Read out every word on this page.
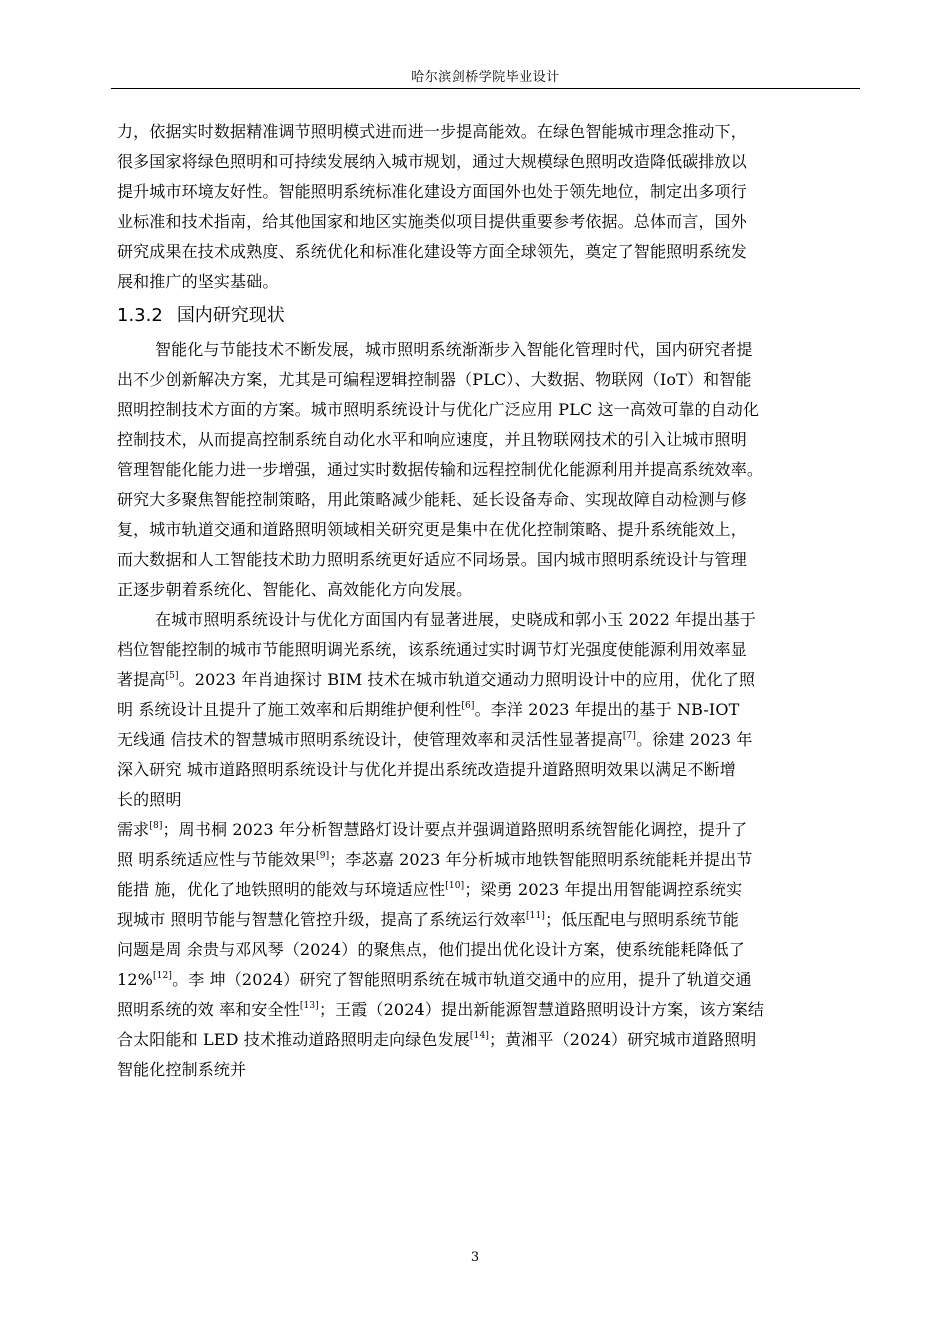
哈尔滨剑桥学院毕业设计
力，依据实时数据精准调节照明模式进而进一步提高能效。在绿色智能城市理念推动下，
很多国家将绿色照明和可持续发展纳入城市规划，通过大规模绿色照明改造降低碳排放以
提升城市环境友好性。智能照明系统标准化建设方面国外也处于领先地位，制定出多项行
业标准和技术指南，给其他国家和地区实施类似项目提供重要参考依据。总体而言，国外
研究成果在技术成熟度、系统优化和标准化建设等方面全球领先，奠定了智能照明系统发
展和推广的坚实基础。
1.3.2 国内研究现状
智能化与节能技术不断发展，城市照明系统渐渐步入智能化管理时代，国内研究者提
出不少创新解决方案，尤其是可编程逻辑控制器（PLC）、大数据、物联网（IoT）和智能
照明控制技术方面的方案。城市照明系统设计与优化广泛应用 PLC 这一高效可靠的自动化
控制技术，从而提高控制系统自动化水平和响应速度，并且物联网技术的引入让城市照明
管理智能化能力进一步增强，通过实时数据传输和远程控制优化能源利用并提高系统效率。
研究大多聚焦智能控制策略，用此策略减少能耗、延长设备寿命、实现故障自动检测与修
复，城市轨道交通和道路照明领域相关研究更是集中在优化控制策略、提升系统能效上，
而大数据和人工智能技术助力照明系统更好适应不同场景。国内城市照明系统设计与管理
正逐步朝着系统化、智能化、高效能化方向发展。
在城市照明系统设计与优化方面国内有显著进展，史晓成和郭小玉 2022 年提出基于
档位智能控制的城市节能照明调光系统，该系统通过实时调节灯光强度使能源利用效率显
著提高[5]。2023 年肖迪探讨 BIM 技术在城市轨道交通动力照明设计中的应用，优化了照
明 系统设计且提升了施工效率和后期维护便利性[6]。李洋 2023 年提出的基于 NB-IOT
无线通 信技术的智慧城市照明系统设计，使管理效率和灵活性显著提高[7]。徐建 2023 年
深入研究 城市道路照明系统设计与优化并提出系统改造提升道路照明效果以满足不断增
长的照明
需求[8]；周书桐 2023 年分析智慧路灯设计要点并强调道路照明系统智能化调控，提升了
照 明系统适应性与节能效果[9]；李苾嘉 2023 年分析城市地铁智能照明系统能耗并提出节
能措 施，优化了地铁照明的能效与环境适应性[10]；梁勇 2023 年提出用智能调控系统实
现城市 照明节能与智慧化管控升级，提高了系统运行效率[11]；低压配电与照明系统节能
问题是周 余贵与邓风琴（2024）的聚焦点，他们提出优化设计方案，使系统能耗降低了
12%[12]。李 坤（2024）研究了智能照明系统在城市轨道交通中的应用，提升了轨道交通
照明系统的效 率和安全性[13]；王霞（2024）提出新能源智慧道路照明设计方案，该方案结
合太阳能和 LED 技术推动道路照明走向绿色发展[14]；黄湘平（2024）研究城市道路照明
智能化控制系统并
3
